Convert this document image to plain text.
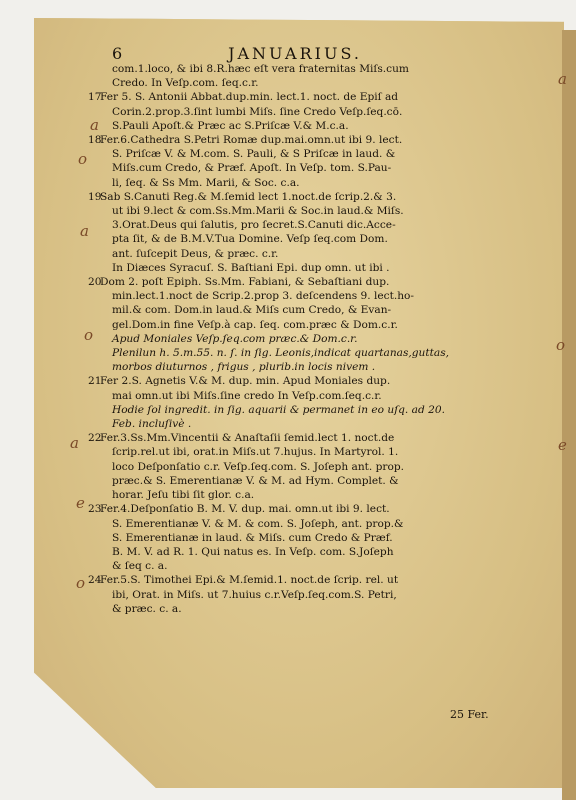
6	JANUARIUS.
a
o
a
o
a
e
o
a
o
e
com.1.loco, & ibi 8.R.hæc eſt vera fraternitas Miſs.cum
Credo. In Veſp.com. ſeq.c.r.
17
Fer 5. S. Antonii Abbat.dup.min. lect.1. noct. de Epiſ ad
Corin.2.prop.3.ſint lumbi Miſs. ſine Credo Veſp.ſeq.cō.
S.Pauli Apoſt.& Præc ac S.Priſcæ V.& M.c.a.
18
Fer.6.Cathedra S.Petri Romæ dup.mai.omn.ut ibi 9. lect.
S. Priſcæ V. & M.com. S. Pauli, & S Priſcæ in laud. &
Miſs.cum Credo, & Præf. Apoſt. In Veſp. tom. S.Pau-
li, ſeq. & Ss Mm. Marii, & Soc. c.a.
19
Sab S.Canuti Reg.& M.ſemid lect 1.noct.de ſcrip.2.& 3.
ut ibi 9.lect & com.Ss.Mm.Marii & Soc.in laud.& Miſs.
3.Orat.Deus qui ſalutis, pro ſecret.S.Canuti dic.Acce-
pta ſit, & de B.M.V.Tua Domine. Veſp ſeq.com Dom.
ant. ſuſcepit Deus, & præc. c.r.
In Diæces Syracuſ. S. Baſtiani Epi. dup omn. ut ibi .
20
Dom 2. poſt Epiph. Ss.Mm. Fabiani, & Sebaſtiani dup.
min.lect.1.noct de Scrip.2.prop 3. deſcendens 9. lect.ho-
mil.& com. Dom.in laud.& Miſs cum Credo, & Evan-
gel.Dom.in fine Veſp.à cap. ſeq. com.præc & Dom.c.r.
Apud Moniales Veſp.ſeq.com præc.& Dom.c.r.
Plenilun h. 5.m.55. n. ſ. in ſig. Leonis,indicat quartanas,guttas,
morbos diuturnos , frigus , plurib.in locis nivem .
21
Fer 2.S. Agnetis V.& M. dup. min. Apud Moniales dup.
mai omn.ut ibi Miſs.ſine credo In Veſp.com.ſeq.c.r.
Hodie ſol ingredit. in ſig. aquarii & permanet in eo uſq. ad 20.
Feb. incluſivè .
22
Fer.3.Ss.Mm.Vincentii & Anaſtaſii ſemid.lect 1. noct.de
ſcrip.rel.ut ibi, orat.in Miſs.ut 7.hujus. In Martyrol. 1.
loco Deſponſatio c.r. Veſp.ſeq.com. S. Joſeph ant. prop.
præc.& S. Emerentianæ V. & M. ad Hym. Complet. &
horar. Jeſu tibi ſit glor. c.a.
23
Fer.4.Deſponſatio B. M. V. dup. mai. omn.ut ibi 9. lect.
S. Emerentianæ V. & M. & com. S. Joſeph, ant. prop.&
S. Emerentianæ in laud. & Miſs. cum Credo & Præf.
B. M. V. ad R. 1. Qui natus es. In Veſp. com. S.Joſeph
& ſeq c. a.
24
Fer.5.S. Timothei Epi.& M.ſemid.1. noct.de ſcrip. rel. ut
ibi, Orat. in Miſs. ut 7.huius c.r.Veſp.ſeq.com.S. Petri,
& præc. c. a.
25 Fer.
